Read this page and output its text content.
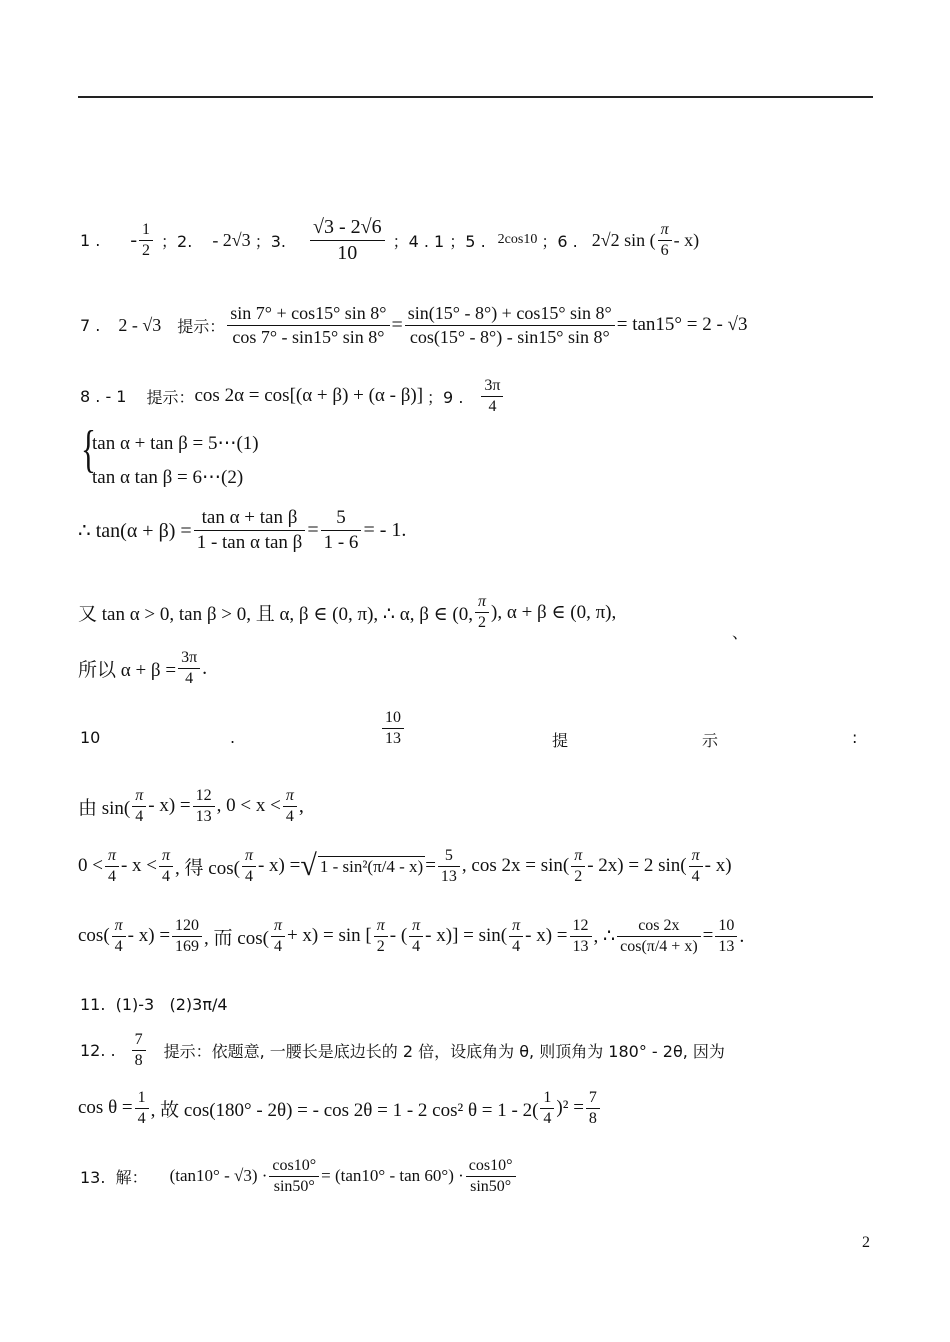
1 . - $\frac{1}{2}$ ；2. - 2√3 ；3. $\frac{√3 - 2√6}{10}$ ；4 . 1 ；5 . 2cos10 ；6 . 2√2 sin ( $\frac{\pi}{6} - x$)
7 . 2 - √3 提示： $\frac{\sin 7^\circ + \cos 15^\circ \sin 8^\circ}{\cos 7^\circ - \sin 15^\circ \sin 8^\circ} = \frac{\sin(15^\circ - 8^\circ) + \cos 15^\circ \sin 8^\circ}{\cos(15^\circ - 8^\circ) - \sin 15^\circ \sin 8^\circ} = \tan 15^\circ = 2 - √3$
8 . - 1 提示： cos 2α = cos[(α + β) + (α - β)] ；9 . $\frac{3\pi}{4}$
{
tan α + tan β = 5⋯(1)
tan α tan β = 6⋯(2)
∴ $\tan(\alpha + \beta) = \frac{\text{tan α + tan β}}{\text{1 - tan α tan β}} = \frac{5}{1 - 6}$ = - 1.
又 tan α > 0, tan β > 0, 且 α, β ∈ (0, π), ∴ α, β ∈ (0, $\frac{\pi}{2}$ ), α + β ∈ (0, π),
、
所以 $\alpha + \beta = \frac{3\pi}{4}$ .
10	.	$\frac{10}{13}$	提	示	:
由 $\sin( \frac{\pi}{4} - x) = \frac{12}{13}$ , $0 < x < \frac{\pi}{4}$ ,
$0 < \frac{\pi}{4} - x < \frac{\pi}{4}$ , 得 $\cos( \frac{\pi}{4} - x)$ = √ $1 - \sin^2(\pi/4 - x) = \frac{5}{13}$ , $\cos 2x = \sin( \frac{\pi}{2} - 2x) = 2$ $\sin( \frac{\pi}{4} - x)$
$\cos( \frac{\pi}{4} - x) = \frac{120}{169}$ , 而 $\cos( \frac{\pi}{4} + x) = \sin$ [ $\frac{\pi}{2}$ - ( $\frac{\pi}{4} - x)] = \sin( \frac{\pi}{4} - x) = \frac{12}{13}$ , ∴ $\frac{\cos 2x}{\cos(\pi/4 + x)} = \frac{10}{13}$ .
11.  (1)-3   (2)3π/4
12. . $\frac{7}{8}$ 提示：依题意, 一腰长是底边长的 2 倍，设底角为 θ, 则顶角为 180° - 2θ, 因为
$\cos \theta = \frac{1}{4}$ , 故 cos(180° - 2θ) = - cos 2θ = 1 - 2 cos² $\theta = 1 - 2( \frac{1}{4} )^2 = \frac{7}{8}$
13.  解： $(\tan 10^\circ - √3) \cdot \frac{\cos 10^\circ}{\sin 50^\circ} = (\tan 10^\circ - \tan 60^\circ) \cdot \frac{\cos 10^\circ}{\sin 50^\circ}$
2
